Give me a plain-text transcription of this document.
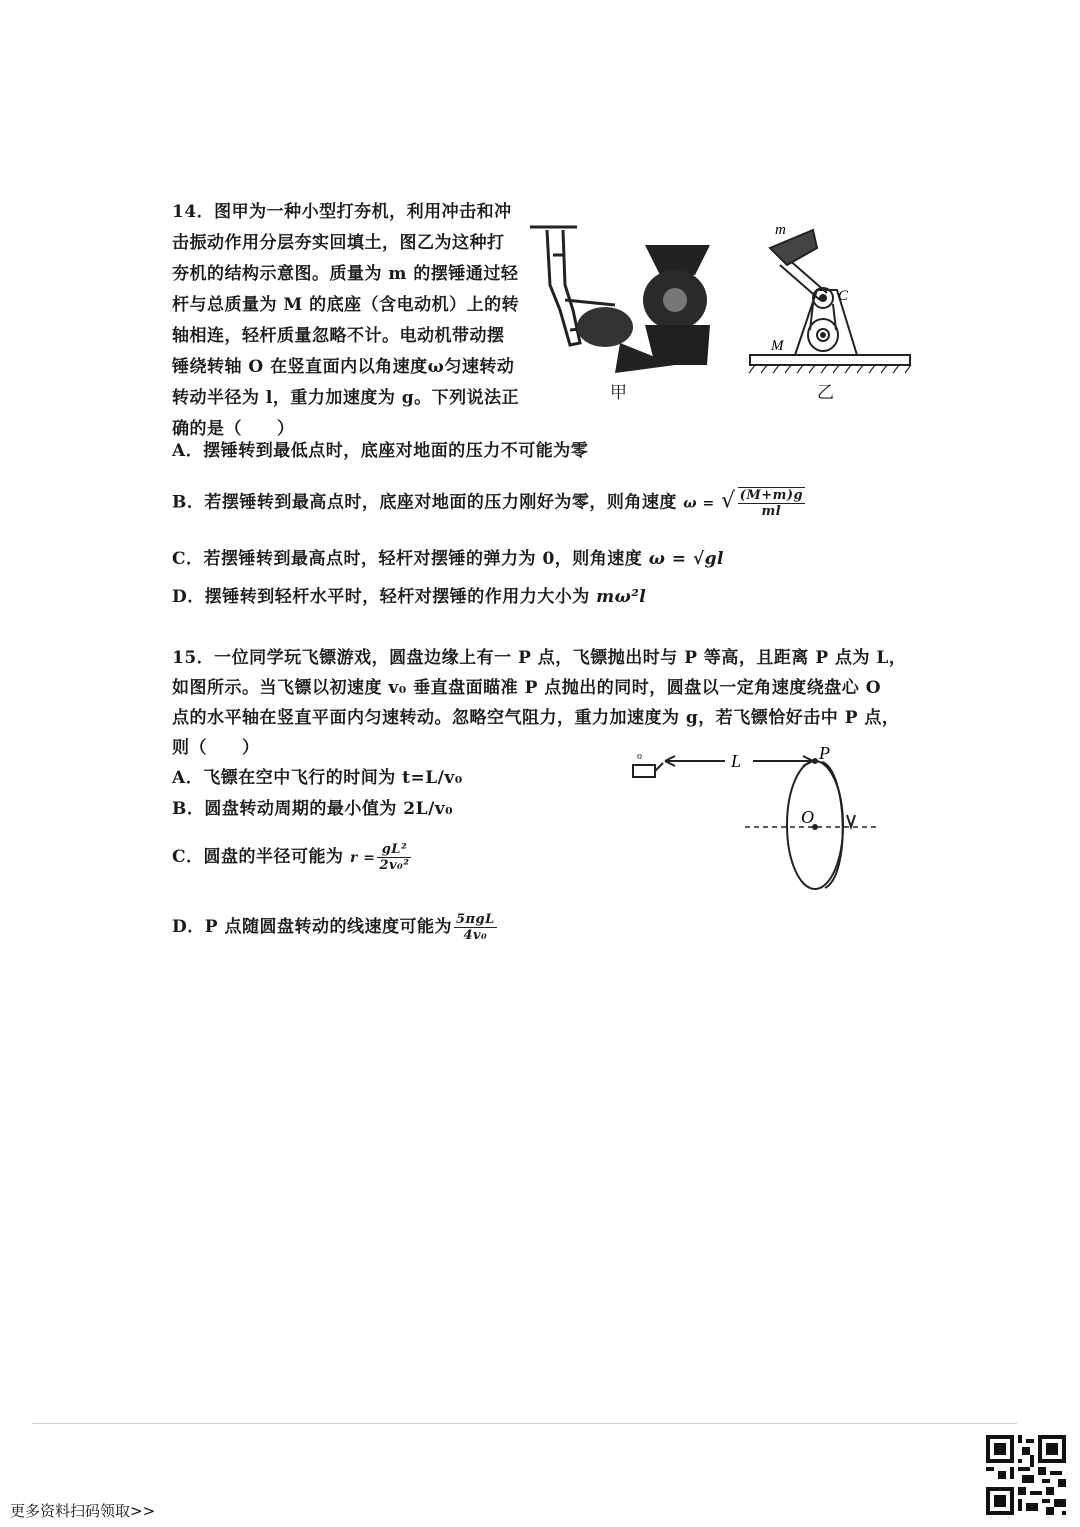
14．图甲为一种小型打夯机，利用冲击和冲
击振动作用分层夯实回填土，图乙为这种打
夯机的结构示意图。质量为 m 的摆锤通过轻
杆与总质量为 M 的底座（含电动机）上的转
轴相连，轻杆质量忽略不计。电动机带动摆
锤绕转轴 O 在竖直面内以角速度ω匀速转动
转动半径为 l，重力加速度为 g。下列说法正
确的是（　　）
m
C
M
甲	乙
A．摆锤转到最低点时，底座对地面的压力不可能为零
B．若摆锤转到最高点时，底座对地面的压力刚好为零，则角速度 ω = √ $\frac{(M+m)g}{ml}$
C．若摆锤转到最高点时，轻杆对摆锤的弹力为 0，则角速度 ω = √gl
D．摆锤转到轻杆水平时，轻杆对摆锤的作用力大小为 mω²l
15．一位同学玩飞镖游戏，圆盘边缘上有一 P 点，飞镖抛出时与 P 等高，且距离 P 点为 L，
如图所示。当飞镖以初速度 v₀ 垂直盘面瞄准 P 点抛出的同时，圆盘以一定角速度绕盘心 O
点的水平轴在竖直平面内匀速转动。忽略空气阻力，重力加速度为 g，若飞镖恰好击中 P 点，
则（　　）
A．飞镖在空中飞行的时间为 t=L/v₀
B．圆盘转动周期的最小值为 2L/v₀
C．圆盘的半径可能为 $r = \frac{\text{gL²}}{\text{2v₀²}}$
D．P 点随圆盘转动的线速度可能为 $\frac{\text{5πgL}}{\text{4v₀}}$
o	L	P
O
更多资料扫码领取>>
